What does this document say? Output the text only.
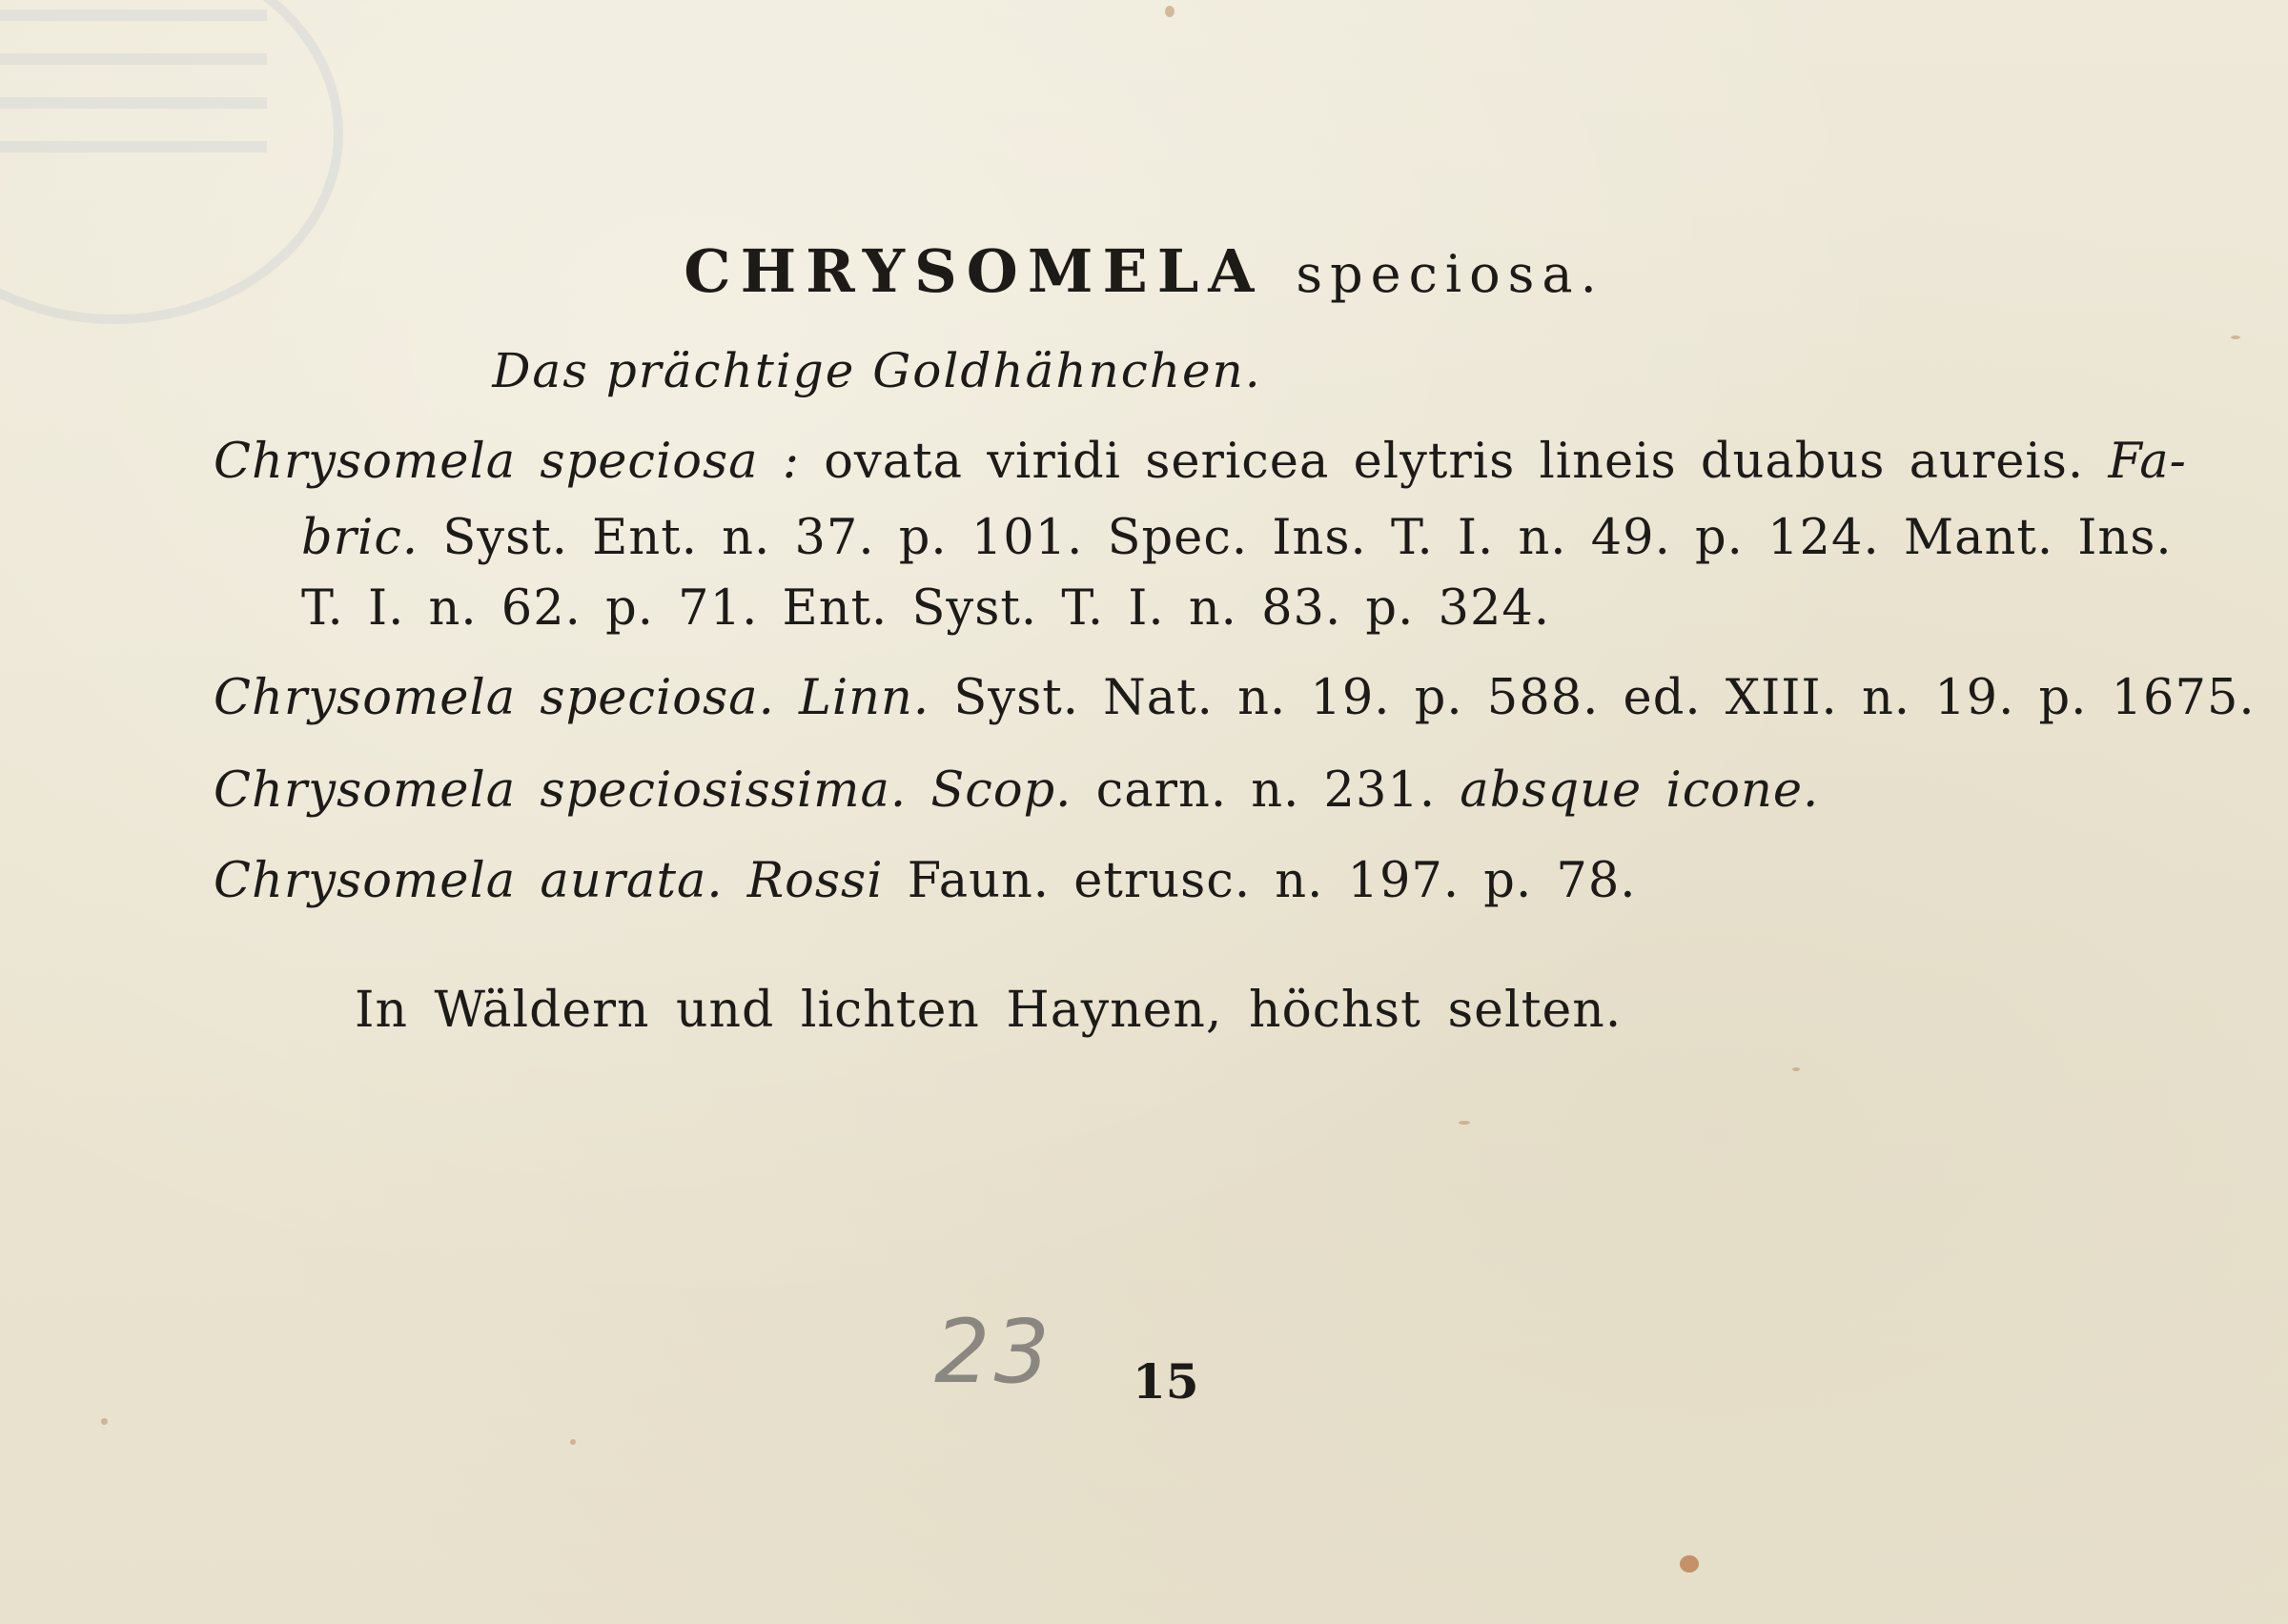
CHRYSOMELA speciosa.
Das prächtige Goldhähnchen.
Chrysomela speciosa : ovata viridi sericea elytris lineis duabus aureis. Fa-
bric. Syst. Ent. n. 37. p. 101. Spec. Ins. T. I. n. 49. p. 124. Mant. Ins.
T. I. n. 62. p. 71. Ent. Syst. T. I. n. 83. p. 324.
Chrysomela speciosa. Linn. Syst. Nat. n. 19. p. 588. ed. XIII. n. 19. p. 1675.
Chrysomela speciosissima. Scop. carn. n. 231. absque icone.
Chrysomela aurata. Rossi Faun. etrusc. n. 197. p. 78.
In Wäldern und lichten Haynen, höchst selten.
23 15
